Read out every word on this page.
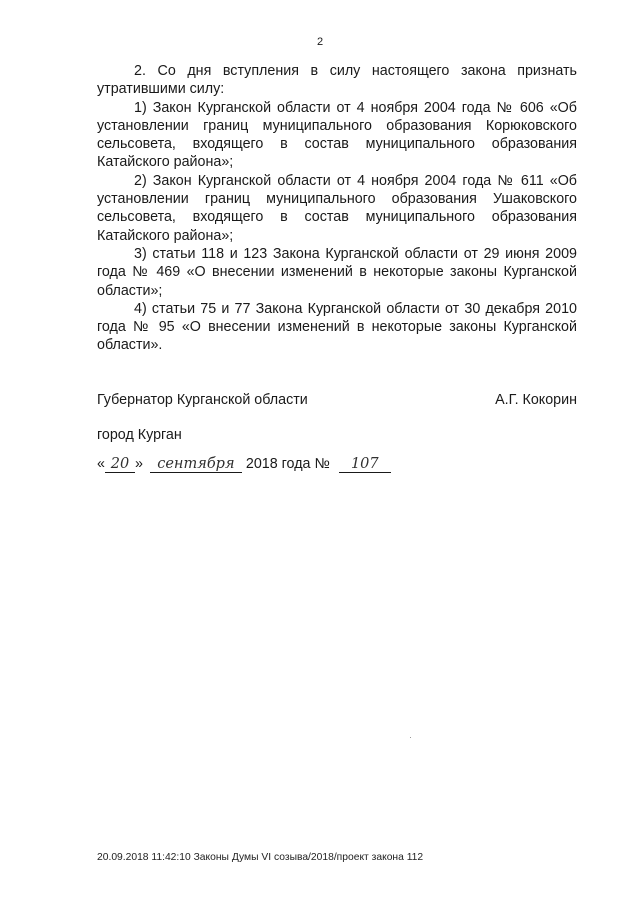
2

2. Со дня вступления в силу настоящего закона признать утратившими силу:

1) Закон Курганской области от 4 ноября 2004 года № 606 «Об установлении границ муниципального образования Корюковского сельсовета, входящего в состав муниципального образования Катайского района»;

2) Закон Курганской области от 4 ноября 2004 года № 611 «Об установлении границ муниципального образования Ушаковского сельсовета, входящего в состав муниципального образования Катайского района»;

3) статьи 118 и 123 Закона Курганской области от 29 июня 2009 года № 469 «О внесении изменений в некоторые законы Курганской области»;

4) статьи 75 и 77 Закона Курганской области от 30 декабря 2010 года № 95 «О внесении изменений в некоторые законы Курганской области».

Губернатор Курганской области	А.Г. Кокорин
город Курган
« 20 » сентября 2018 года № 107
20.09.2018 11:42:10 Законы Думы VI созыва/2018/проект закона 112
